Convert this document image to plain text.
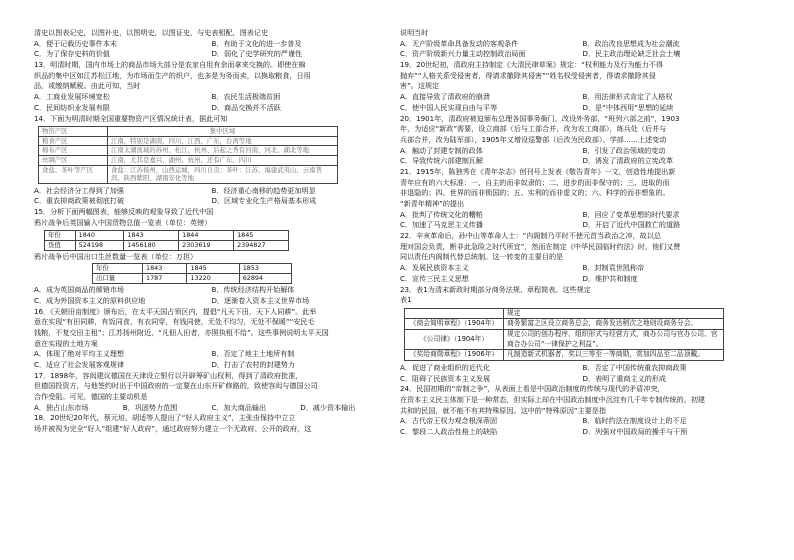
清史以图表记史，以图补史，以图明史，以图证史，与史表相配，图表记史
A．便于记载历史事件本末	B．有助于文化的进一步普及
C．为了保存史料的价值	D．弱化了史学研究的严谨性
13．明清时期，国内市场上的商品市场大部分是农家自用有余而拿来交换的。即使在棉
织品的集中区如江苏松江地，为市场而生产的织户，也多是为务而卖，以换取粮食，日用
品，或缴纳赋税。由此可知，当时
A．工商业发展环境宽松	B．农民生活极端贫困
C．民间纺织业发展有限	D．商品交换并不活跃
14．下面为明清时期全国重要物资产区情况统计表，据此可知
物资产区	集中区域
粮食产区	江南，特别是湖南、四川、江西、广东，台湾等地
棉布产区	江南太湖流域的苏州、松江、杭州、后起之秀有河南、河北、湖北等地
丝绸产区	江南，尤其是嘉兴、湖州、杭州、还有广东、四川
食盐、茶叶等产区	食盐：江苏扬州，山西运城，四川自贡；茶叶：江苏、福建武夷山、云南普洱、陕西紫阳、湖南安化等地
A．社会经济分工得到了加强	B．经济重心南移的趋势更加明显
C．重农抑商政策被彻底打破	D．区域专业化生产格局基本形成
15．分析下面两幅图表，能够反映的观象导致了近代中国
鸦片战争后英国输入中国货物总值一览表（单位：英镑）
年份	1840	1843	1844	1845
货值	524198	1456180	2303619	2394827
鸦片战争后中国出口生丝数量一览表（单位：万担）
年份	1843	1845	1853
出口量	1787	13220	62894
A．成为英国商品的倾销市场	B．传统经济结构开始解体
C．成为外国资本主义的原料供应地	D．逐渐卷入资本主义世界市场
16．《天朝田亩制度》颁布后，在太平天国占领区内，提倡“凡天下田，天下人同耕”。此举
意在实现“有田同耕，有饭同食，有衣同穿，有钱同使，无处不均匀，无处不保暖”“安民毛
钱粮，不复交田主租”；江苏扬州附近，“凡佃人田者，亦照执租不给”。这些事例说明太平天国
意在实现的土地方案
A．体现了绝对平均主义理想	B．否定了地主土地所有制
C．适应了社会发展客观规律	D．打击了农村的封建势力
17．1898年，容闳建议德国在天津设立银行以开辟筹矿山权利，得到了清政府批准，
但德国投资方，与他签约时出于中国政府的一定要在山东开矿修路的，致使容闳与德国公司
合作受阻。可见，德国的主要动机是
A．独占山东市场	B．巩固势力范围	C．加大商品输出	D．减少资本输出
18．20世纪20年代，蔡元培、胡适等人提出了“好人政府主义”，主张由保持中立立
场并被视为完全“好人”组建“好人政府”，通过政府努力建立一个无政府、公开的政府，这
说明当时
A．无产阶级革命具备发动的客观条件	B．政治改良思想成为社会潮流
C．资产阶级新兴力量主动控制政治局面	D．民主政治理论缺乏社会土壤
19．20世纪初，清政府主持制定《大清民律草案》规定：“权利能力及行为能力不得
抛弃”“人格关系受侵害者，得请求撤除其侵害”“姓名权受侵害者，得请求撤除其侵
害”。这规定
A．直接导致了清政府的崩溃	B．用法律形式肯定了人格权
C．使中国人民实现自由与平等	D．是“中体西用”思想的延续
20．1901年，清政府被迫颁布总理各国事务衙门，改设外务部，“班列六部之前”，1903
年，为适应“新政”需要，设立商部（后与工部合并，改为农工商部），练兵处（后并与
兵部合并，改为陆军部），1905年又增设巡警部（后改为民政部）、学部……上述变动
A．触动了封建专制的政体	B．引发了政治领域的变动
C．导致传统六部建制瓦解	D．诱发了清政府的立宪改革
21．1915年，陈独秀在《青年杂志》创刊号上发表《敬告青年》一文，创造性地提出新
青年应有的六大标准：一、自主的而非奴隶的；二、进步的而非保守的；三、进取的而
非退隐的；四、世界的而非锁国的；五、实利的而非虚文的；六、科学的而非想象的。
“新青年精神”的提出
A．批判了传统文化的糟粕	B．回应了变革思想的时代要求
C．加速了马克思主义传播	D．开启了近代中国救亡的道路
22．辛亥革命后，孙中山等革命人士：“内阁制乃平时不使元首当政治之冲，故以总
理对国会负责，断非此急险之时代所宜”，然而在制定《中华民国临时约法》时，他们又赞
同以责任内阁制代替总统制。这一转变的主要目的是
A．发展民族资本主义	B．封制袁世凯称帝
C．宣传三民主义思想	D．维护共和制度
23．表1为清末新政时期部分商务法规、章程简表。这些规定
表1
	规定
《商会简明章程》（1904年）	商务繁富之区设立商务总会，商务发达稍次之地则设商务分会。
《公司律》（1904年）	规定公司的创办程序、组织形式与经营方式，商办公司与官办公司、官商合办公司“一律保护之利益”。
《奖给商勋章程》（1906年）	凡制造新式机器者，奖以三等至一等商勋，赏加四品至二品顶戴。
A．促进了商业组织的近代化	B．否定了中国传统重农抑商政策
C．阻碍了民族资本主义发展	D．表明了重商主义的形成
24．民国初期的“帝制之争”，从表面上看是中国政治制度的传统与现代的矛盾冲突，
在资本主义民主体制下是一种常态，但实际上却在中国政治制度中沉淀有几千年专制传统的、初建
共和的民国，就不能不有其特殊原因。这中的“特殊原因”主要是指
A．古代帝王权力观念根深蒂固	B．临时约法在制度设计上的不足
C．黎段二人政治性格上的缺陷	D．列强对中国政局的操手与干预
